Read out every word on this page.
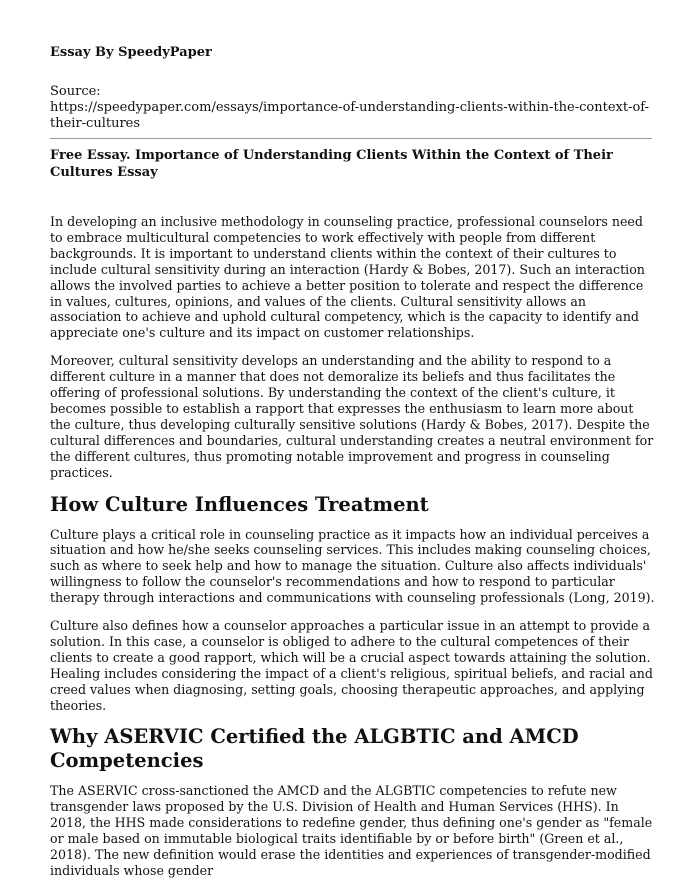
Essay By SpeedyPaper

Source:

https://speedypaper.com/essays/importance-of-understanding-clients-within-the-context-of-their-cultures

Free Essay. Importance of Understanding Clients Within the Context of Their Cultures Essay

In developing an inclusive methodology in counseling practice, professional counselors need to embrace multicultural competencies to work effectively with people from different backgrounds. It is important to understand clients within the context of their cultures to include cultural sensitivity during an interaction (Hardy & Bobes, 2017). Such an interaction allows the involved parties to achieve a better position to tolerate and respect the difference in values, cultures, opinions, and values of the clients. Cultural sensitivity allows an association to achieve and uphold cultural competency, which is the capacity to identify and appreciate one's culture and its impact on customer relationships.

Moreover, cultural sensitivity develops an understanding and the ability to respond to a different culture in a manner that does not demoralize its beliefs and thus facilitates the offering of professional solutions. By understanding the context of the client's culture, it becomes possible to establish a rapport that expresses the enthusiasm to learn more about the culture, thus developing culturally sensitive solutions (Hardy & Bobes, 2017). Despite the cultural differences and boundaries, cultural understanding creates a neutral environment for the different cultures, thus promoting notable improvement and progress in counseling practices.

How Culture Influences Treatment

Culture plays a critical role in counseling practice as it impacts how an individual perceives a situation and how he/she seeks counseling services. This includes making counseling choices, such as where to seek help and how to manage the situation. Culture also affects individuals' willingness to follow the counselor's recommendations and how to respond to particular therapy through interactions and communications with counseling professionals (Long, 2019).

Culture also defines how a counselor approaches a particular issue in an attempt to provide a solution. In this case, a counselor is obliged to adhere to the cultural competences of their clients to create a good rapport, which will be a crucial aspect towards attaining the solution. Healing includes considering the impact of a client's religious, spiritual beliefs, and racial and creed values when diagnosing, setting goals, choosing therapeutic approaches, and applying theories.

Why ASERVIC Certified the ALGBTIC and AMCD Competencies

The ASERVIC cross-sanctioned the AMCD and the ALGBTIC competencies to refute new transgender laws proposed by the U.S. Division of Health and Human Services (HHS). In 2018, the HHS made considerations to redefine gender, thus defining one's gender as "female or male based on immutable biological traits identifiable by or before birth" (Green et al., 2018). The new definition would erase the identities and experiences of transgender-modified individuals whose gender
